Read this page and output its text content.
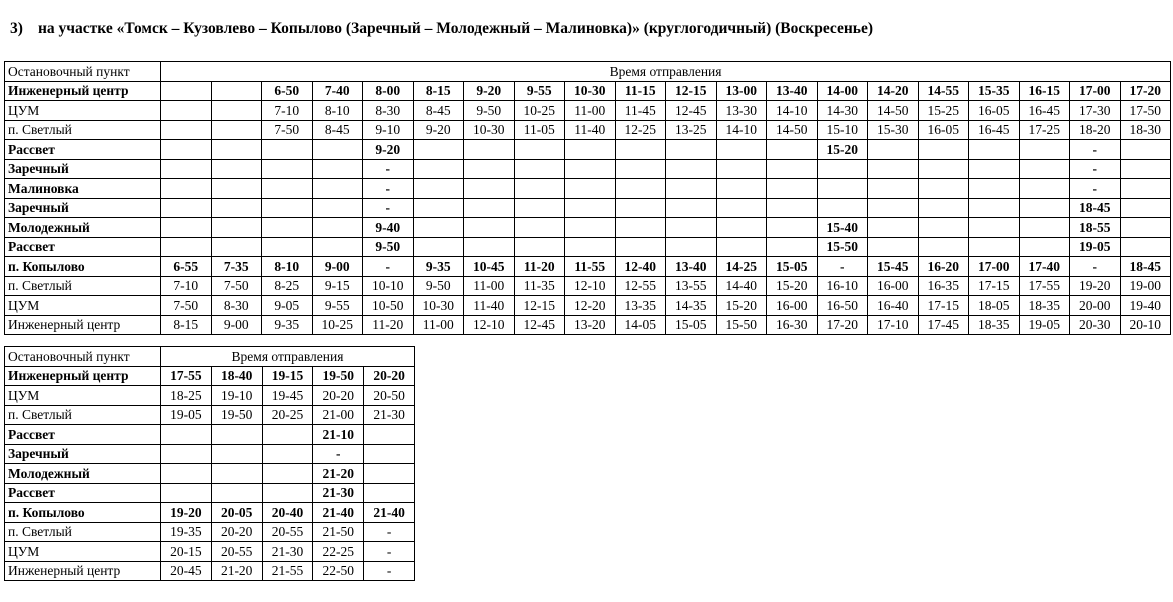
3) на участке «Томск – Кузовлево – Копылово (Заречный – Молодежный – Малиновка)» (круглогодичный) (Воскресенье)
Остановочный пункт	Время отправления																			
Инженерный центр			6-50	7-40	8-00	8-15	9-20	9-55	10-30	11-15	12-15	13-00	13-40	14-00	14-20	14-55	15-35	16-15	17-00	17-20
ЦУМ			7-10	8-10	8-30	8-45	9-50	10-25	11-00	11-45	12-45	13-30	14-10	14-30	14-50	15-25	16-05	16-45	17-30	17-50
п. Светлый			7-50	8-45	9-10	9-20	10-30	11-05	11-40	12-25	13-25	14-10	14-50	15-10	15-30	16-05	16-45	17-25	18-20	18-30
Рассвет					9-20									15-20					-	
Заречный					-														-	
Малиновка					-														-	
Заречный					-														18-45	
Молодежный					9-40									15-40					18-55	
Рассвет					9-50									15-50					19-05	
п. Копылово	6-55	7-35	8-10	9-00	-	9-35	10-45	11-20	11-55	12-40	13-40	14-25	15-05	-	15-45	16-20	17-00	17-40	-	18-45
п. Светлый	7-10	7-50	8-25	9-15	10-10	9-50	11-00	11-35	12-10	12-55	13-55	14-40	15-20	16-10	16-00	16-35	17-15	17-55	19-20	19-00
ЦУМ	7-50	8-30	9-05	9-55	10-50	10-30	11-40	12-15	12-20	13-35	14-35	15-20	16-00	16-50	16-40	17-15	18-05	18-35	20-00	19-40
Инженерный центр	8-15	9-00	9-35	10-25	11-20	11-00	12-10	12-45	13-20	14-05	15-05	15-50	16-30	17-20	17-10	17-45	18-35	19-05	20-30	20-10
Остановочный пункт	Время отправления				
Инженерный центр	17-55	18-40	19-15	19-50	20-20
ЦУМ	18-25	19-10	19-45	20-20	20-50
п. Светлый	19-05	19-50	20-25	21-00	21-30
Рассвет				21-10	
Заречный				-	
Молодежный				21-20	
Рассвет				21-30	
п. Копылово	19-20	20-05	20-40	21-40	21-40
п. Светлый	19-35	20-20	20-55	21-50	-
ЦУМ	20-15	20-55	21-30	22-25	-
Инженерный центр	20-45	21-20	21-55	22-50	-
